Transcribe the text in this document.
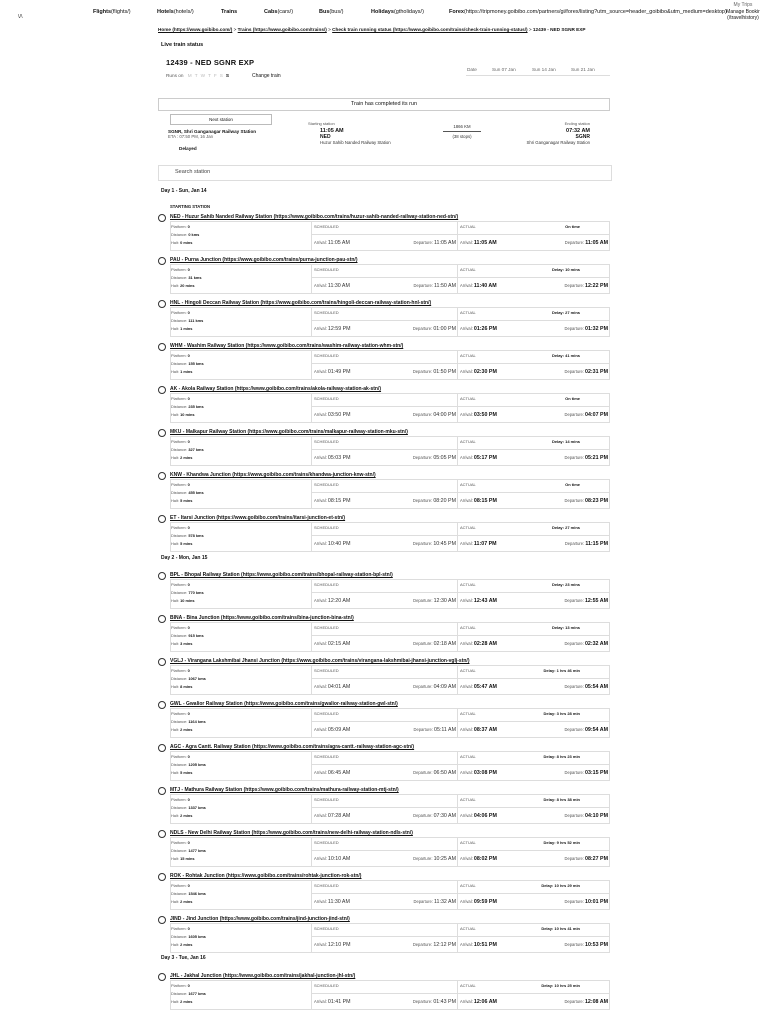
\/\
Flights(flights/)	Hotels(hotels/)	Trains	Cabs(cars/)	Bus(bus/)	Holidays(gtholidays/)	Forex(https://tripmoney.goibibo.com/partners/gi/forex/listing?utm_source=header_goibibo&utm_medium=desktop)
My Trips
Manage Bookir
(/travelhistory)
Home (https://www.goibibo.com/) > Trains (https://www.goibibo.com/trains/) > Check train running status (https://www.goibibo.com/trains/check-train-running-status/) > 12439 - NED SGNR EXP
Live train status
12439 - NED SGNR EXP
Runs on M T W T F S S	Change train
Date	Sun 07 Jan	Sun 14 Jan	Sun 21 Jan
Train has completed its run
Next station
SGNR, Shri Ganganagar Railway Station
ETA : 07:50 PM, 16 Jan
Delayed
Starting station
11:05 AM
NED
Huzur Sahib Nanded Railway Station
1866 KM
(38 stops)
Ending station
07:32 AM
SGNR
Shri Ganganagar Railway Station
Search station
Day 1 - Sun, Jan 14
Day 2 - Mon, Jan 15
Day 3 - Tue, Jan 16
STARTING STATION
NED - Huzur Sahib Nanded Railway Station (https://www.goibibo.com/trains/huzur-sahib-nanded-railway-station-ned-stn/)
Platform: 0
Distance: 0 kms
Halt: 0 mins
SCHEDULED
Arrival: 11:05 AM	Departure: 11:05 AM
ACTUAL	On time
Arrival: 11:05 AM	Departure: 11:05 AM
PAU - Purna Junction (https://www.goibibo.com/trains/purna-junction-pau-stn/)
Platform: 0
Distance: 31 kms
Halt: 20 mins
SCHEDULED
Arrival: 11:30 AM	Departure: 11:50 AM
ACTUAL	Delay: 10 mins
Arrival: 11:40 AM	Departure: 12:22 PM
HNL - Hingoli Deccan Railway Station (https://www.goibibo.com/trains/hingoli-deccan-railway-station-hnl-stn/)
Platform: 0
Distance: 111 kms
Halt: 1 mins
SCHEDULED
Arrival: 12:59 PM	Departure: 01:00 PM
ACTUAL	Delay: 27 mins
Arrival: 01:26 PM	Departure: 01:32 PM
WHM - Washim Railway Station (https://www.goibibo.com/trains/washim-railway-station-whm-stn/)
Platform: 0
Distance: 155 kms
Halt: 1 mins
SCHEDULED
Arrival: 01:49 PM	Departure: 01:50 PM
ACTUAL	Delay: 41 mins
Arrival: 02:30 PM	Departure: 02:31 PM
AK - Akola Railway Station (https://www.goibibo.com/trains/akola-railway-station-ak-stn/)
Platform: 0
Distance: 235 kms
Halt: 10 mins
SCHEDULED
Arrival: 03:50 PM	Departure: 04:00 PM
ACTUAL	On time
Arrival: 03:50 PM	Departure: 04:07 PM
MKU - Malkapur Railway Station (https://www.goibibo.com/trains/malkapur-railway-station-mku-stn/)
Platform: 0
Distance: 327 kms
Halt: 2 mins
SCHEDULED
Arrival: 05:03 PM	Departure: 05:05 PM
ACTUAL	Delay: 14 mins
Arrival: 05:17 PM	Departure: 05:21 PM
KNW - Khandwa Junction (https://www.goibibo.com/trains/khandwa-junction-knw-stn/)
Platform: 0
Distance: 455 kms
Halt: 5 mins
SCHEDULED
Arrival: 08:15 PM	Departure: 08:20 PM
ACTUAL	On time
Arrival: 08:15 PM	Departure: 08:23 PM
ET - Itarsi Junction (https://www.goibibo.com/trains/itarsi-junction-et-stn/)
Platform: 0
Distance: 578 kms
Halt: 5 mins
SCHEDULED
Arrival: 10:40 PM	Departure: 10:45 PM
ACTUAL	Delay: 27 mins
Arrival: 11:07 PM	Departure: 11:15 PM
BPL - Bhopal Railway Station (https://www.goibibo.com/trains/bhopal-railway-station-bpl-stn/)
Platform: 0
Distance: 770 kms
Halt: 10 mins
SCHEDULED
Arrival: 12:20 AM	Departure: 12:30 AM
ACTUAL	Delay: 23 mins
Arrival: 12:43 AM	Departure: 12:55 AM
BINA - Bina Junction (https://www.goibibo.com/trains/bina-junction-bina-stn/)
Platform: 0
Distance: 915 kms
Halt: 3 mins
SCHEDULED
Arrival: 02:15 AM	Departure: 02:18 AM
ACTUAL	Delay: 13 mins
Arrival: 02:28 AM	Departure: 02:32 AM
VGLJ - Virangana Lakshmibai Jhansi Junction (https://www.goibibo.com/trains/virangana-lakshmibai-jhansi-junction-vglj-stn/)
Platform: 0
Distance: 1067 kms
Halt: 8 mins
SCHEDULED
Arrival: 04:01 AM	Departure: 04:09 AM
ACTUAL	Delay: 1 hrs 46 min
Arrival: 05:47 AM	Departure: 05:54 AM
GWL - Gwalior Railway Station (https://www.goibibo.com/trains/gwalior-railway-station-gwl-stn/)
Platform: 0
Distance: 1164 kms
Halt: 2 mins
SCHEDULED
Arrival: 05:09 AM	Departure: 05:11 AM
ACTUAL	Delay: 3 hrs 28 min
Arrival: 08:37 AM	Departure: 09:54 AM
AGC - Agra Cantt. Railway Station (https://www.goibibo.com/trains/agra-cantt.-railway-station-agc-stn/)
Platform: 0
Distance: 1205 kms
Halt: 5 mins
SCHEDULED
Arrival: 06:45 AM	Departure: 06:50 AM
ACTUAL	Delay: 8 hrs 23 min
Arrival: 03:08 PM	Departure: 03:15 PM
MTJ - Mathura Railway Station (https://www.goibibo.com/trains/mathura-railway-station-mtj-stn/)
Platform: 0
Distance: 1337 kms
Halt: 2 mins
SCHEDULED
Arrival: 07:28 AM	Departure: 07:30 AM
ACTUAL	Delay: 8 hrs 38 min
Arrival: 04:06 PM	Departure: 04:10 PM
NDLS - New Delhi Railway Station (https://www.goibibo.com/trains/new-delhi-railway-station-ndls-stn/)
Platform: 0
Distance: 1477 kms
Halt: 15 mins
SCHEDULED
Arrival: 10:10 AM	Departure: 10:25 AM
ACTUAL	Delay: 9 hrs 52 min
Arrival: 08:02 PM	Departure: 08:27 PM
ROK - Rohtak Junction (https://www.goibibo.com/trains/rohtak-junction-rok-stn/)
Platform: 0
Distance: 1546 kms
Halt: 2 mins
SCHEDULED
Arrival: 11:30 AM	Departure: 11:32 AM
ACTUAL	Delay: 10 hrs 29 min
Arrival: 09:59 PM	Departure: 10:01 PM
JIND - Jind Junction (https://www.goibibo.com/trains/jind-junction-jind-stn/)
Platform: 0
Distance: 1605 kms
Halt: 2 mins
SCHEDULED
Arrival: 12:10 PM	Departure: 12:12 PM
ACTUAL	Delay: 10 hrs 41 min
Arrival: 10:51 PM	Departure: 10:53 PM
JHL - Jakhal Junction (https://www.goibibo.com/trains/jakhal-junction-jhl-stn/)
Platform: 0
Distance: 1677 kms
Halt: 2 mins
SCHEDULED
Arrival: 01:41 PM	Departure: 01:43 PM
ACTUAL	Delay: 10 hrs 25 min
Arrival: 12:06 AM	Departure: 12:08 AM
